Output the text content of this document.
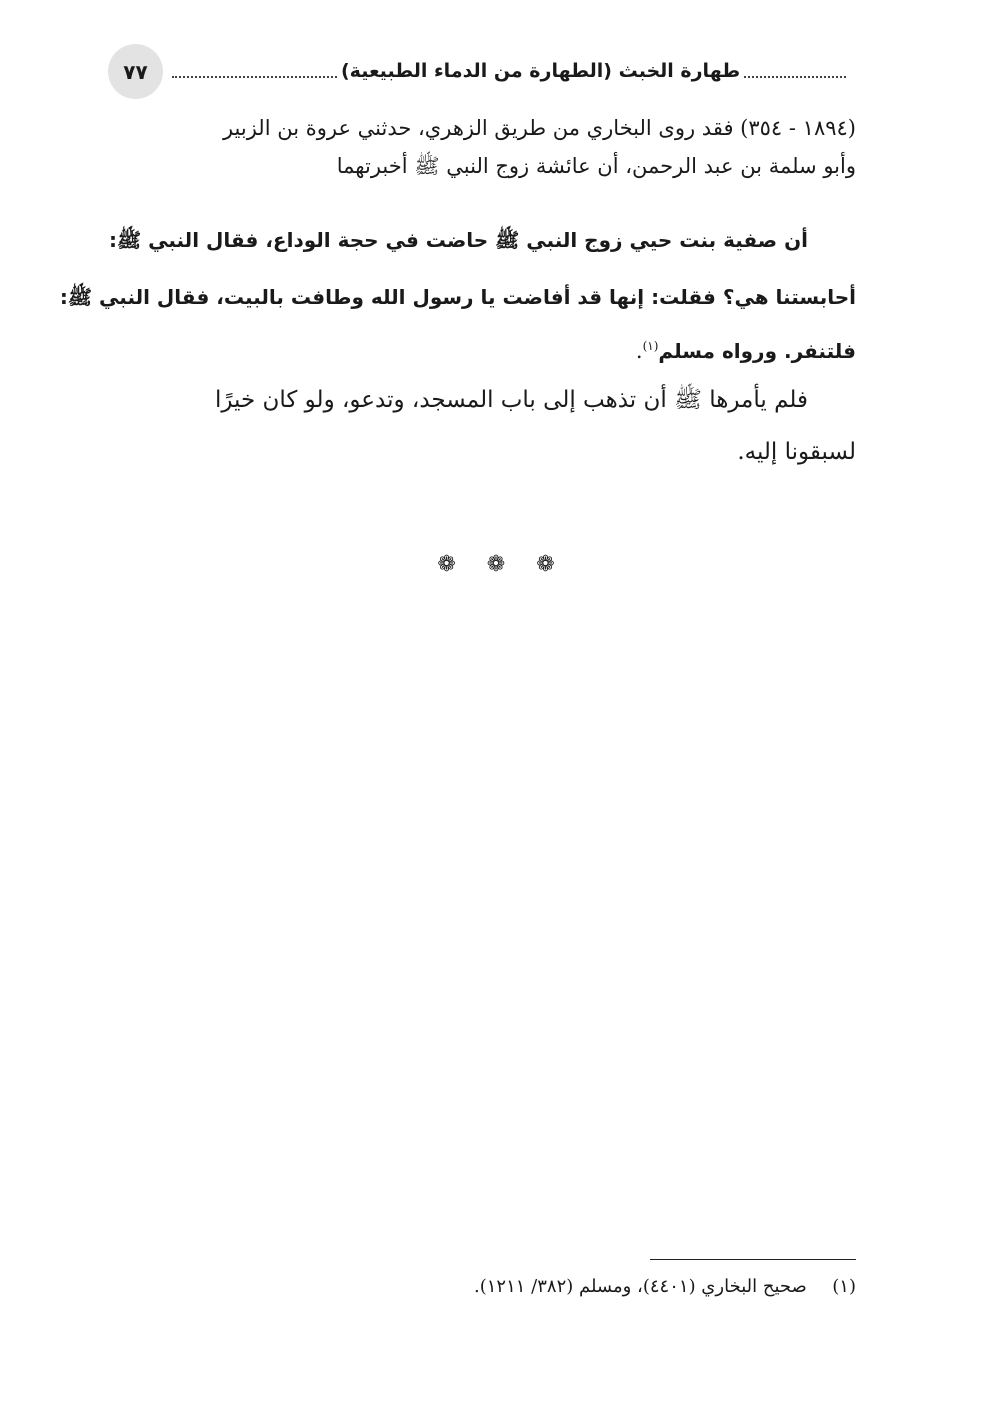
٧٧	طهارة الخبث (الطهارة من الدماء الطبيعية)
(١٨٩٤ - ٣٥٤) فقد روى البخاري من طريق الزهري، حدثني عروة بن الزبير
وأبو سلمة بن عبد الرحمن، أن عائشة زوج النبي ﷺ أخبرتهما
أن صفية بنت حيي زوج النبي ﷺ حاضت في حجة الوداع، فقال النبي ﷺ:
أحابستنا هي؟ فقلت: إنها قد أفاضت يا رسول الله وطافت بالبيت، فقال النبي ﷺ:
فلتنفر. ورواه مسلم$^{(١)}$.
فلم يأمرها ﷺ أن تذهب إلى باب المسجد، وتدعو، ولو كان خيرًا
لسبقونا إليه.
❁ ❁ ❁
(١)  صحيح البخاري (٤٤٠١)، ومسلم (٣٨٢/ ١٢١١).
